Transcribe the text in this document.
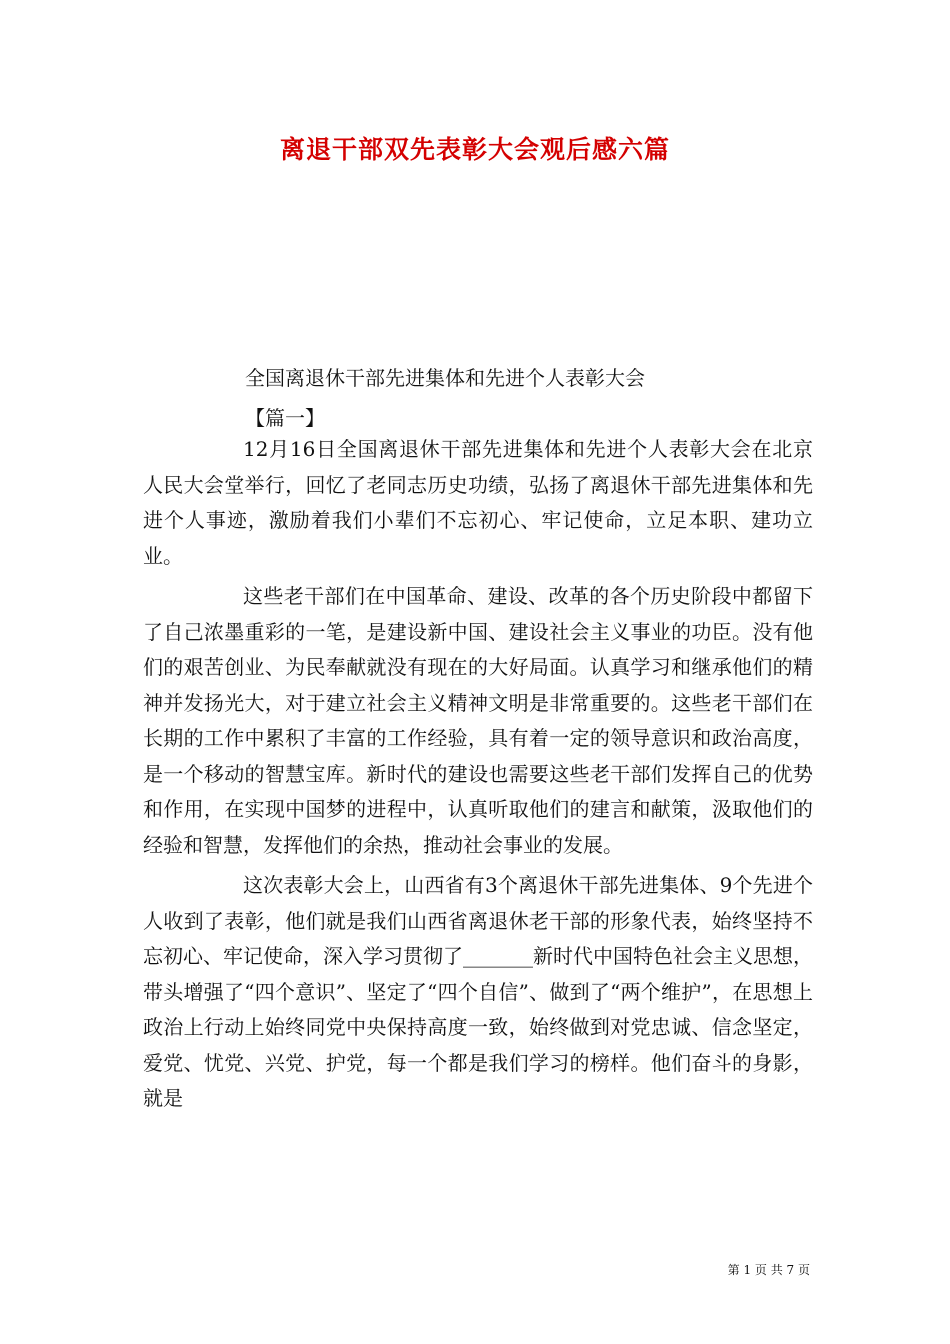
离退干部双先表彰大会观后感六篇
全国离退休干部先进集体和先进个人表彰大会
【篇一】

12月16日全国离退休干部先进集体和先进个人表彰大会在北京人民大会堂举行，回忆了老同志历史功绩，弘扬了离退休干部先进集体和先进个人事迹，激励着我们小辈们不忘初心、牢记使命，立足本职、建功立业。

这些老干部们在中国革命、建设、改革的各个历史阶段中都留下了自己浓墨重彩的一笔，是建设新中国、建设社会主义事业的功臣。没有他们的艰苦创业、为民奉献就没有现在的大好局面。认真学习和继承他们的精神并发扬光大，对于建立社会主义精神文明是非常重要的。这些老干部们在长期的工作中累积了丰富的工作经验，具有着一定的领导意识和政治高度，是一个移动的智慧宝库。新时代的建设也需要这些老干部们发挥自己的优势和作用，在实现中国梦的进程中，认真听取他们的建言和献策，汲取他们的经验和智慧，发挥他们的余热，推动社会事业的发展。

这次表彰大会上，山西省有3个离退休干部先进集体、9个先进个人收到了表彰，他们就是我们山西省离退休老干部的形象代表，始终坚持不忘初心、牢记使命，深入学习贯彻了_______新时代中国特色社会主义思想，带头增强了“四个意识”、坚定了“四个自信”、做到了“两个维护”，在思想上政治上行动上始终同党中央保持高度一致，始终做到对党忠诚、信念坚定，爱党、忧党、兴党、护党，每一个都是我们学习的榜样。他们奋斗的身影，就是

第 1 页 共 7 页
